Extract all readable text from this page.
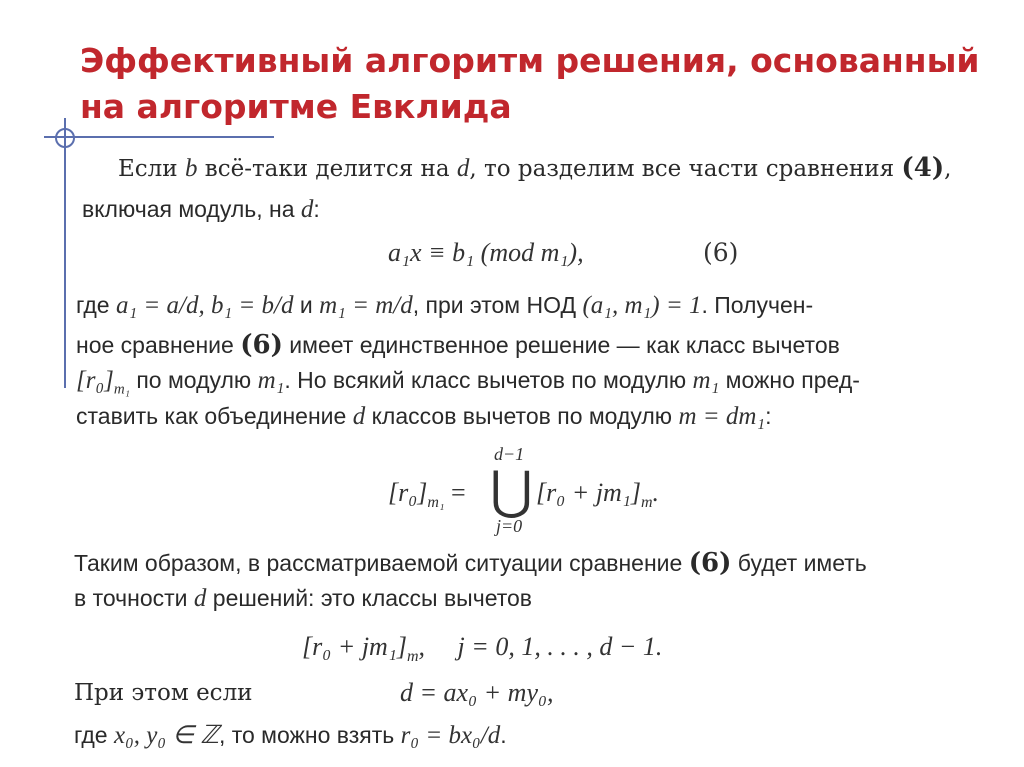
Эффективный алгоритм решения, основанный
на алгоритме Евклида
Если b всё-таки делится на d, то разделим все части сравнения (4),
включая модуль, на d:
a₁x ≡ b₁ (mod m₁),	(6)
где a₁ = a/d, b₁ = b/d и m₁ = m/d, при этом НОД (a₁, m₁) = 1. Получен-
ное сравнение (6) имеет единственное решение — как класс вычетов
$[r_0]_{m_1}$ по модулю m₁. Но всякий класс вычетов по модулю m₁ можно пред-
ставить как объединение d классов вычетов по модулю m = dm₁:
$[r_0]_{m_1}$ =
d−1
⋃
j=0
$[r_0 + jm_1]_m$.
Таким образом, в рассматриваемой ситуации сравнение (6) будет иметь
в точности d решений: это классы вычетов
$[r_0 + jm_1]_m$,     j = 0, 1, . . . , d − 1.
При этом если	d = ax₀ + my₀,
где x₀, y₀ ∈ ℤ, то можно взять r₀ = bx₀/d.
